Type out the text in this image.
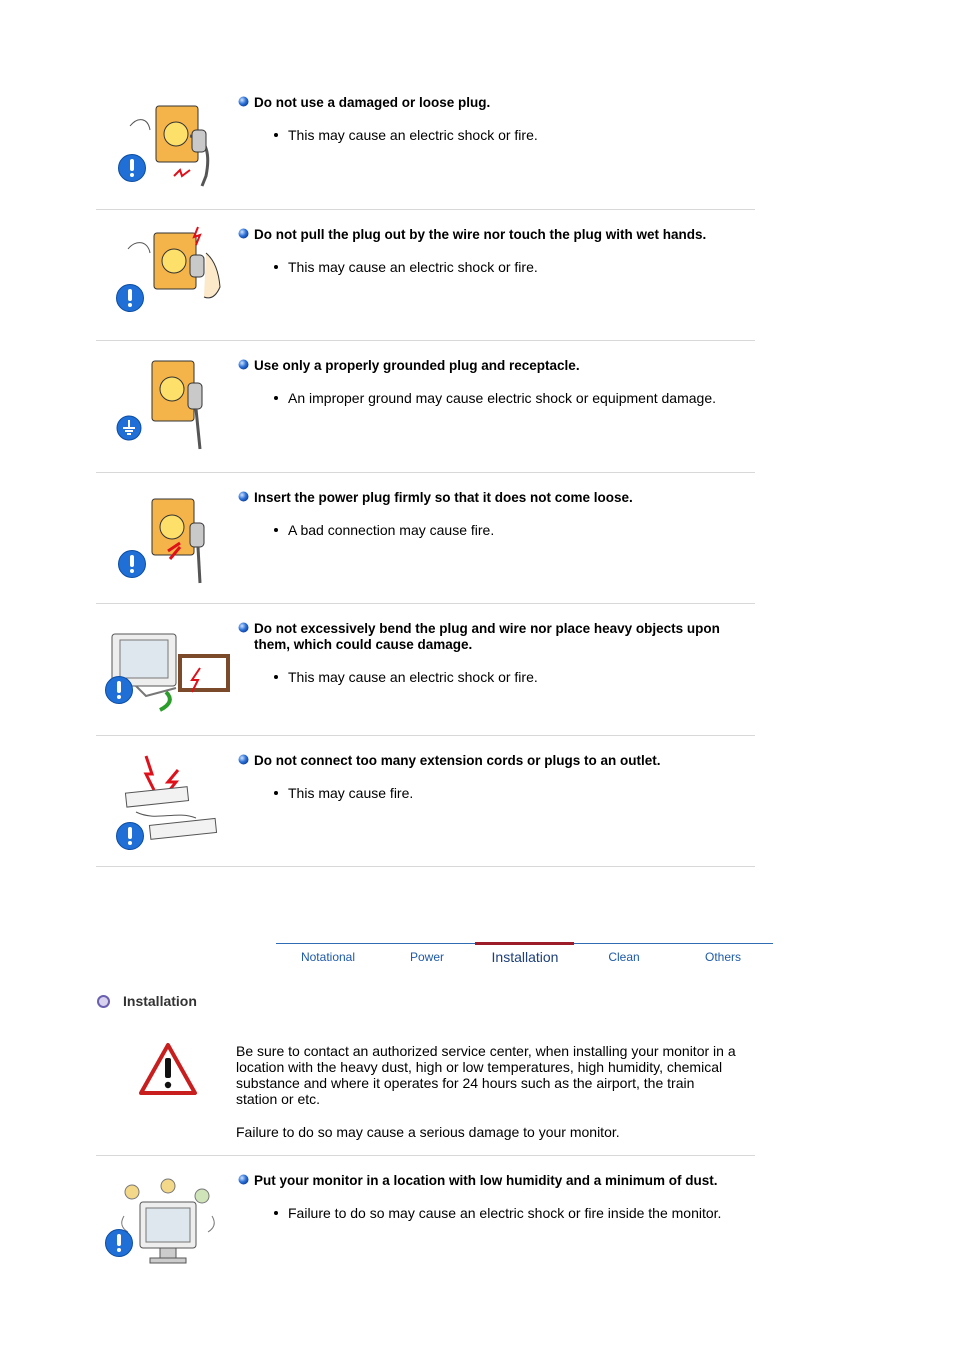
Do not use a damaged or loose plug.
This may cause an electric shock or fire.
Do not pull the plug out by the wire nor touch the plug with wet hands.
This may cause an electric shock or fire.
Use only a properly grounded plug and receptacle.
An improper ground may cause electric shock or equipment damage.
Insert the power plug firmly so that it does not come loose.
A bad connection may cause fire.
Do not excessively bend the plug and wire nor place heavy objects upon
them, which could cause damage.
This may cause an electric shock or fire.
Do not connect too many extension cords or plugs to an outlet.
This may cause fire.
Notational	Power	Installation	Clean	Others
Installation
Be sure to contact an authorized service center, when installing your monitor in a
location with the heavy dust, high or low temperatures, high humidity, chemical
substance and where it operates for 24 hours such as the airport, the train
station or etc.
Failure to do so may cause a serious damage to your monitor.
Put your monitor in a location with low humidity and a minimum of dust.
Failure to do so may cause an electric shock or fire inside the monitor.
